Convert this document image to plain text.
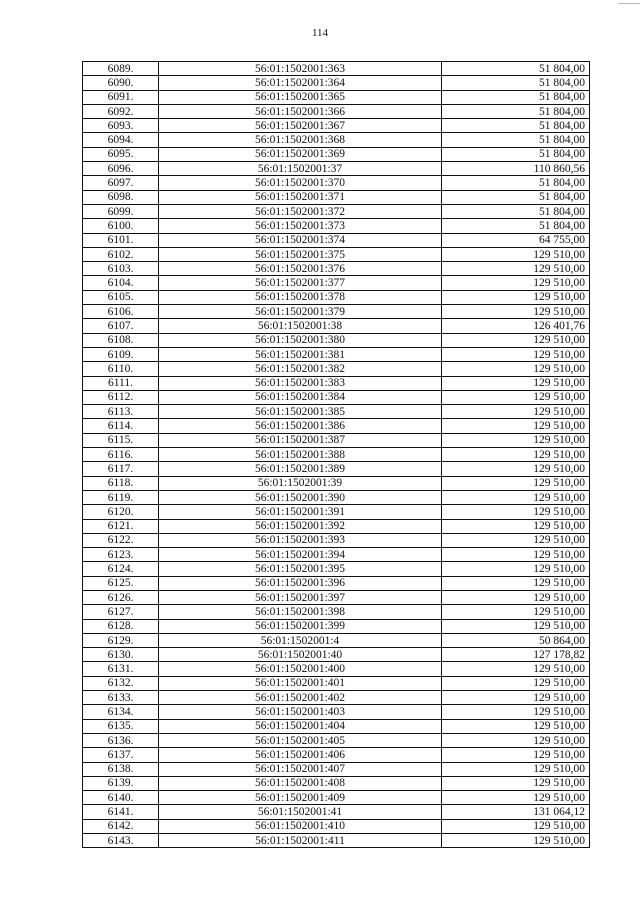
114
6089.	56:01:1502001:363	51 804,00
6090.	56:01:1502001:364	51 804,00
6091.	56:01:1502001:365	51 804,00
6092.	56:01:1502001:366	51 804,00
6093.	56:01:1502001:367	51 804,00
6094.	56:01:1502001:368	51 804,00
6095.	56:01:1502001:369	51 804,00
6096.	56:01:1502001:37	110 860,56
6097.	56:01:1502001:370	51 804,00
6098.	56:01:1502001:371	51 804,00
6099.	56:01:1502001:372	51 804,00
6100.	56:01:1502001:373	51 804,00
6101.	56:01:1502001:374	64 755,00
6102.	56:01:1502001:375	129 510,00
6103.	56:01:1502001:376	129 510,00
6104.	56:01:1502001:377	129 510,00
6105.	56:01:1502001:378	129 510,00
6106.	56:01:1502001:379	129 510,00
6107.	56:01:1502001:38	126 401,76
6108.	56:01:1502001:380	129 510,00
6109.	56:01:1502001:381	129 510,00
6110.	56:01:1502001:382	129 510,00
6111.	56:01:1502001:383	129 510,00
6112.	56:01:1502001:384	129 510,00
6113.	56:01:1502001:385	129 510,00
6114.	56:01:1502001:386	129 510,00
6115.	56:01:1502001:387	129 510,00
6116.	56:01:1502001:388	129 510,00
6117.	56:01:1502001:389	129 510,00
6118.	56:01:1502001:39	129 510,00
6119.	56:01:1502001:390	129 510,00
6120.	56:01:1502001:391	129 510,00
6121.	56:01:1502001:392	129 510,00
6122.	56:01:1502001:393	129 510,00
6123.	56:01:1502001:394	129 510,00
6124.	56:01:1502001:395	129 510,00
6125.	56:01:1502001:396	129 510,00
6126.	56:01:1502001:397	129 510,00
6127.	56:01:1502001:398	129 510,00
6128.	56:01:1502001:399	129 510,00
6129.	56:01:1502001:4	50 864,00
6130.	56:01:1502001:40	127 178,82
6131.	56:01:1502001:400	129 510,00
6132.	56:01:1502001:401	129 510,00
6133.	56:01:1502001:402	129 510,00
6134.	56:01:1502001:403	129 510,00
6135.	56:01:1502001:404	129 510,00
6136.	56:01:1502001:405	129 510,00
6137.	56:01:1502001:406	129 510,00
6138.	56:01:1502001:407	129 510,00
6139.	56:01:1502001:408	129 510,00
6140.	56:01:1502001:409	129 510,00
6141.	56:01:1502001:41	131 064,12
6142.	56:01:1502001:410	129 510,00
6143.	56:01:1502001:411	129 510,00
